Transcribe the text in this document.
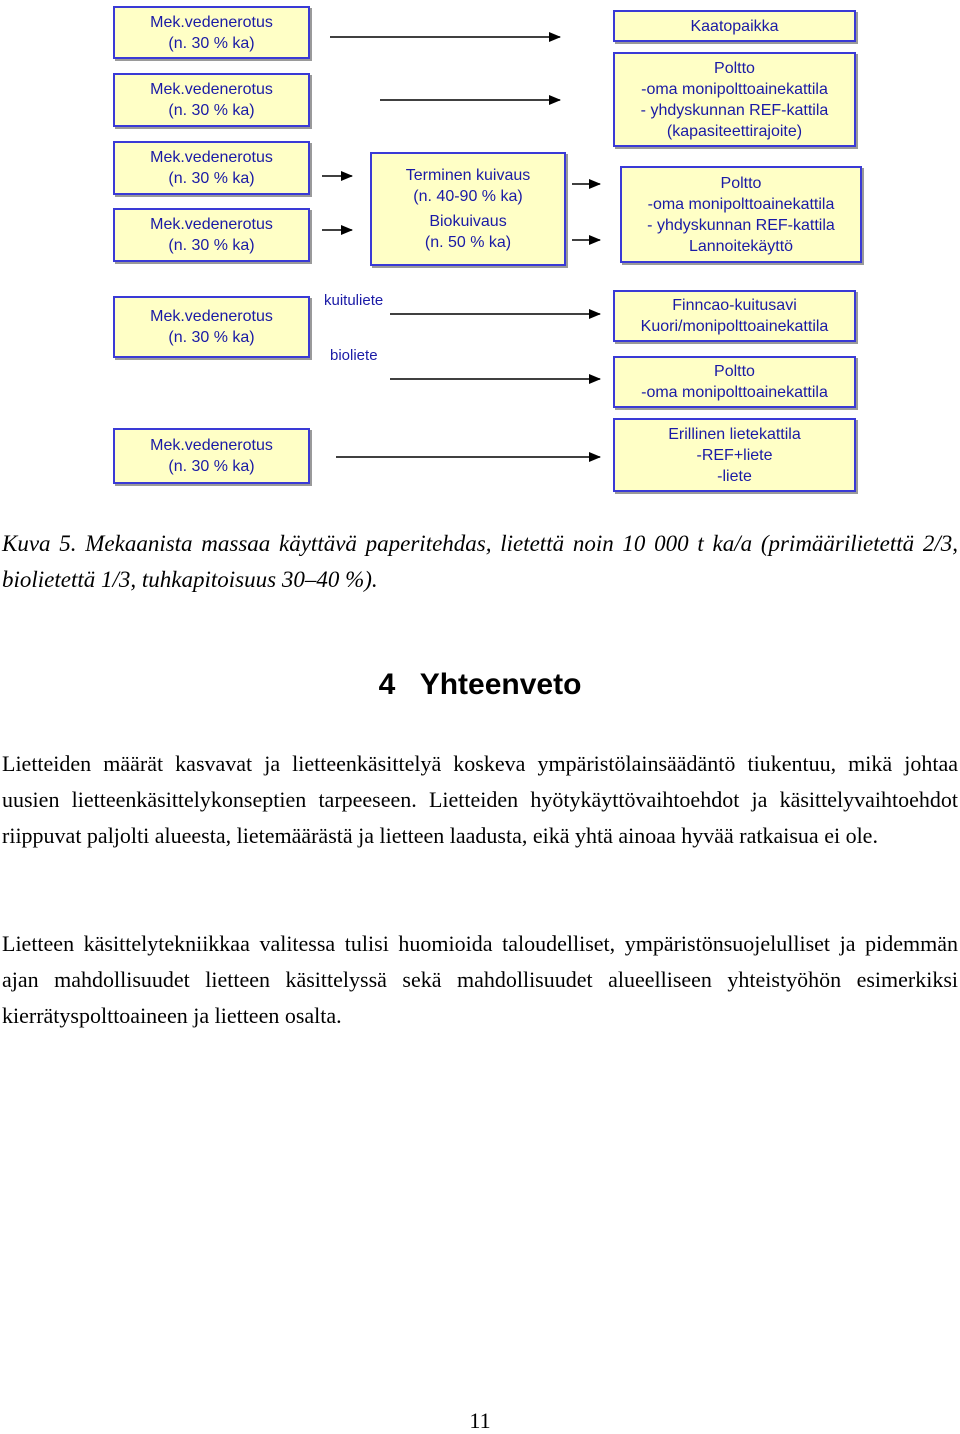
Mek.vedenerotus
(n. 30 % ka)
Mek.vedenerotus
(n. 30 % ka)
Mek.vedenerotus
(n. 30 % ka)
Mek.vedenerotus
(n. 30 % ka)
Mek.vedenerotus
(n. 30 % ka)
Mek.vedenerotus
(n. 30 % ka)
Terminen kuivaus
(n. 40-90 % ka)
Biokuivaus
(n. 50 % ka)
kuituliete
bioliete
Kaatopaikka
Poltto
-oma monipolttoainekattila
- yhdyskunnan REF-kattila
(kapasiteettirajoite)
Poltto
-oma monipolttoainekattila
- yhdyskunnan REF-kattila
Lannoitekäyttö
Finncao-kuitusavi
Kuori/monipolttoainekattila
Poltto
-oma monipolttoainekattila
Erillinen lietekattila
-REF+liete
-liete
Kuva 5. Mekaanista massaa käyttävä paperitehdas, lietettä noin 10 000 t ka/a (primäärilietettä 2/3, biolietettä 1/3, tuhkapitoisuus 30–40 %).
4   Yhteenveto

Lietteiden määrät kasvavat ja lietteenkäsittelyä koskeva ympäristölainsäädäntö tiukentuu, mikä johtaa uusien lietteenkäsittelykonseptien tarpeeseen. Lietteiden hyötykäyttövaihtoehdot ja käsittelyvaihtoehdot riippuvat paljolti alueesta, lietemäärästä ja lietteen laadusta, eikä yhtä ainoaa hyvää ratkaisua ei ole.

Lietteen käsittelytekniikkaa valitessa tulisi huomioida taloudelliset, ympäristönsuojelulliset ja pidemmän ajan mahdollisuudet lietteen käsittelyssä sekä mahdollisuudet alueelliseen yhteistyöhön esimerkiksi kierrätyspolttoaineen ja lietteen osalta.

11
